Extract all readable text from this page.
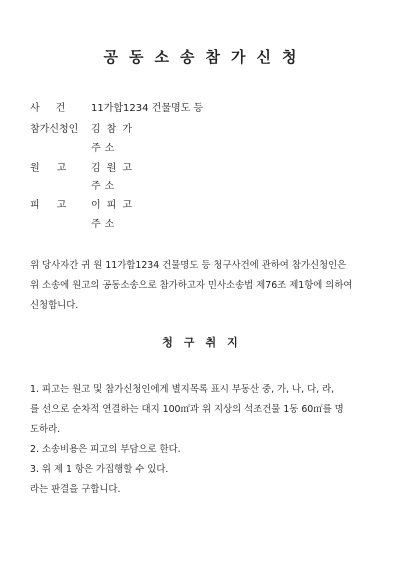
공동소송참가신청
사건 11가합1234 건물명도 등
참가신청인	김참가
주소
원고 김원고
주소
피고 이피고
주소

위 당사자간 귀 원 11가합1234 건물명도 등 청구사건에 관하여 참가신청인은

위 소송에 원고의 공동소송으로 참가하고자 민사소송법 제76조 제1항에 의하여

신청합니다.

청구취지

1. 피고는 원고 및 참가신청인에게 별지목록 표시 부동산 중, 가, 나, 다, 라,

를 선으로 순차적 연결하는 대지 100㎡과 위 지상의 석조건물 1동 60㎡를 명

도하라.

2. 소송비용은 피고의 부담으로 한다.

3. 위 제 1 항은 가집행할 수 있다.

라는 판결을 구합니다.
